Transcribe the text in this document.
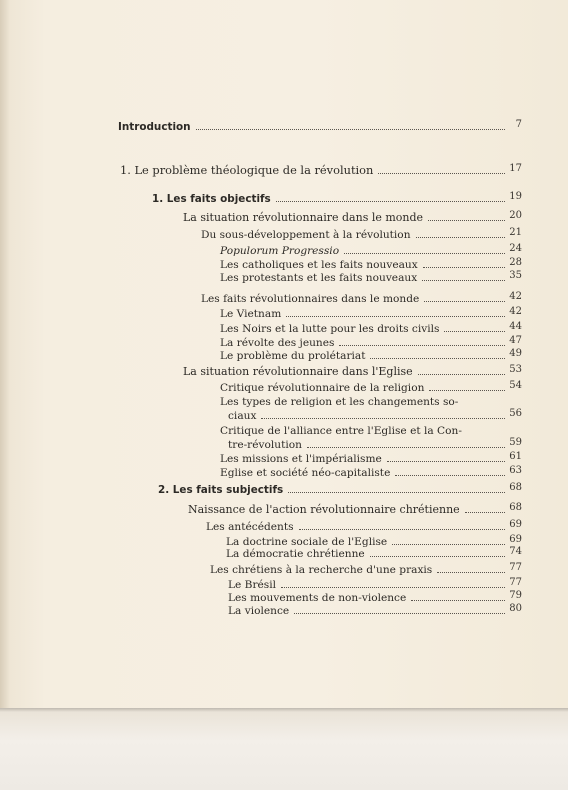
Introduction	7
1. Le problème théologique de la révolution	17
1. Les faits objectifs	19
La situation révolutionnaire dans le monde	20
Du sous-développement à la révolution	21
Populorum Progressio	24
Les catholiques et les faits nouveaux	28
Les protestants et les faits nouveaux	35
Les faits révolutionnaires dans le monde	42
Le Vietnam	42
Les Noirs et la lutte pour les droits civils	44
La révolte des jeunes	47
Le problème du prolétariat	49
La situation révolutionnaire dans l'Eglise	53
Critique révolutionnaire de la religion	54
Les types de religion et les changements so-
ciaux	56
Critique de l'alliance entre l'Eglise et la Con-
tre-révolution	59
Les missions et l'impérialisme	61
Eglise et société néo-capitaliste	63
2. Les faits subjectifs	68
Naissance de l'action révolutionnaire chrétienne	68
Les antécédents	69
La doctrine sociale de l'Eglise	69
La démocratie chrétienne	74
Les chrétiens à la recherche d'une praxis	77
Le Brésil	77
Les mouvements de non-violence	79
La violence	80
